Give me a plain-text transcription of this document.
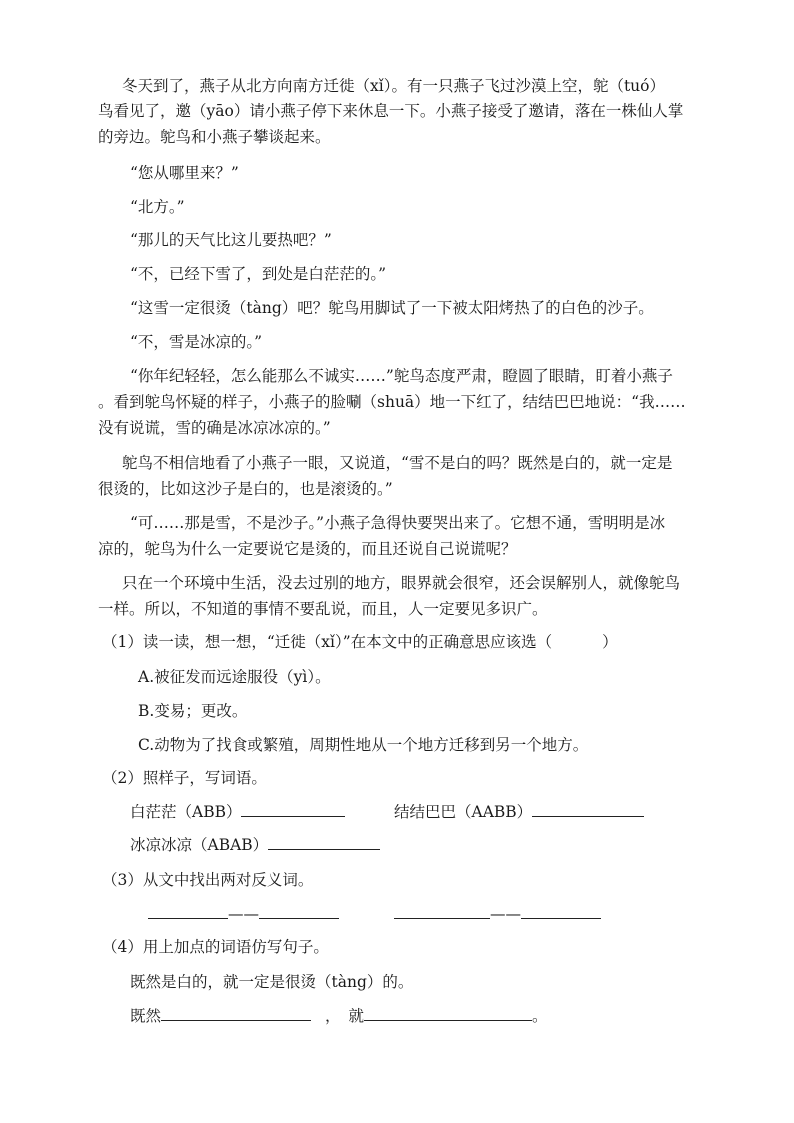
冬天到了，燕子从北方向南方迁徙（xǐ）。有一只燕子飞过沙漠上空，鸵（tuó）
鸟看见了，邀（yāo）请小燕子停下来休息一下。小燕子接受了邀请，落在一株仙人掌
的旁边。鸵鸟和小燕子攀谈起来。
“您从哪里来？”
“北方。”
“那儿的天气比这儿要热吧？”
“不，已经下雪了，到处是白茫茫的。”
“这雪一定很烫（tàng）吧？鸵鸟用脚试了一下被太阳烤热了的白色的沙子。
“不，雪是冰凉的。”
“你年纪轻轻，怎么能那么不诚实……”鸵鸟态度严肃，瞪圆了眼睛，盯着小燕子
。看到鸵鸟怀疑的样子，小燕子的脸唰（shuā）地一下红了，结结巴巴地说：“我……
没有说谎，雪的确是冰凉冰凉的。”
鸵鸟不相信地看了小燕子一眼，又说道，“雪不是白的吗？既然是白的，就一定是
很烫的，比如这沙子是白的，也是滚烫的。”
“可……那是雪，不是沙子。”小燕子急得快要哭出来了。它想不通，雪明明是冰
凉的，鸵鸟为什么一定要说它是烫的，而且还说自己说谎呢？
只在一个环境中生活，没去过别的地方，眼界就会很窄，还会误解别人，就像鸵鸟
一样。所以，不知道的事情不要乱说，而且，人一定要见多识广。
（1）读一读，想一想，“迁徙（xǐ）”在本文中的正确意思应该选（	）
A.被征发而远途服役（yì）。
B.变易；更改。
C.动物为了找食或繁殖，周期性地从一个地方迁移到另一个地方。
（2）照样子，写词语。
白茫茫（ABB）	结结巴巴（AABB）
冰凉冰凉（ABAB）
（3）从文中找出两对反义词。
——	——
（4）用上加点的词语仿写句子。
既然是白的，就一定是很烫（tàng）的。
既然	， 就	。
